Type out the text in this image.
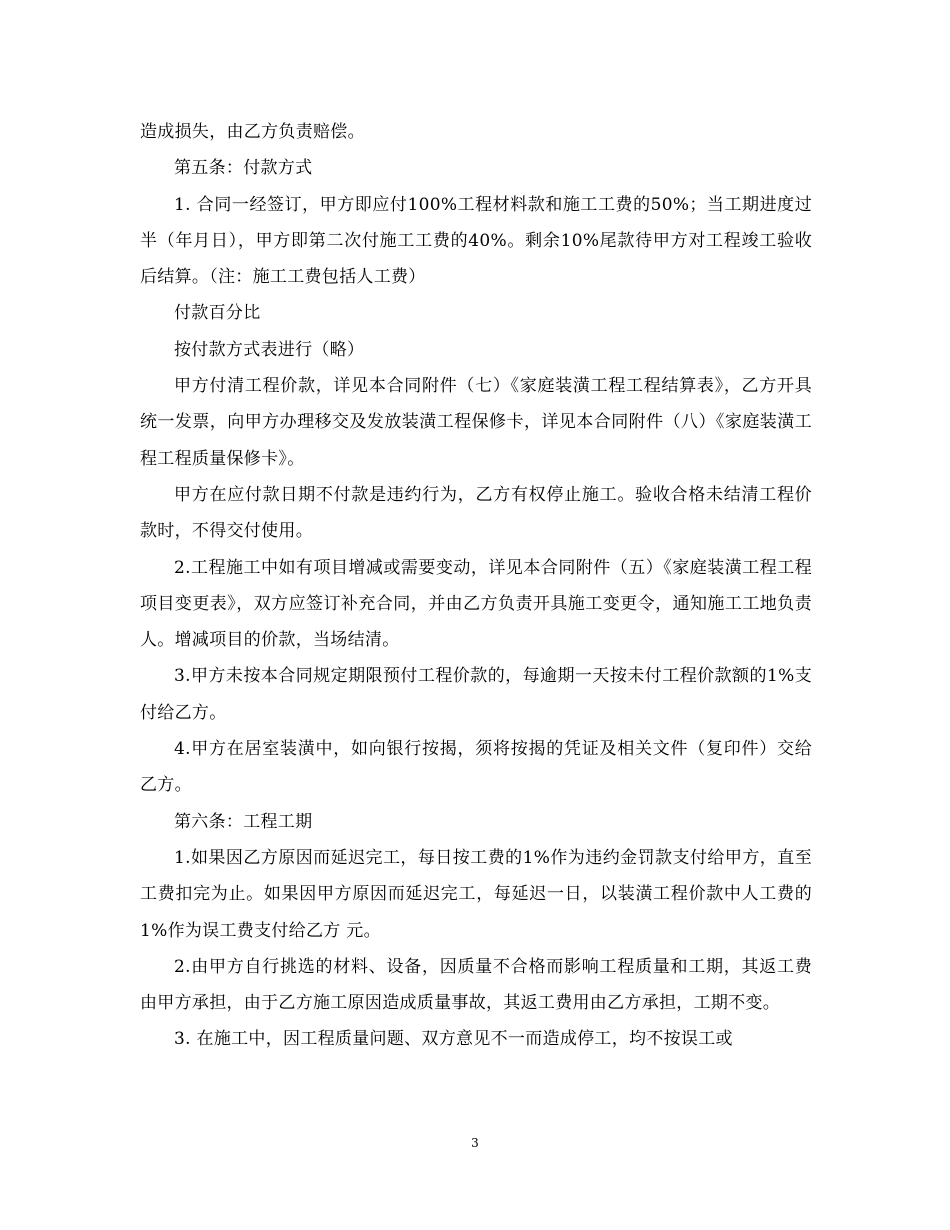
造成损失，由乙方负责赔偿。

第五条：付款方式

1. 合同一经签订，甲方即应付100%工程材料款和施工工费的50%；当工期进度过半（年月日），甲方即第二次付施工工费的40%。剩余10%尾款待甲方对工程竣工验收后结算。（注：施工工费包括人工费）

付款百分比

按付款方式表进行（略）

甲方付清工程价款，详见本合同附件（七）《家庭装潢工程工程结算表》，乙方开具统一发票，向甲方办理移交及发放装潢工程保修卡，详见本合同附件（八）《家庭装潢工程工程质量保修卡》。

甲方在应付款日期不付款是违约行为，乙方有权停止施工。验收合格未结清工程价款时，不得交付使用。

2.工程施工中如有项目增减或需要变动，详见本合同附件（五）《家庭装潢工程工程项目变更表》，双方应签订补充合同，并由乙方负责开具施工变更令，通知施工工地负责人。增减项目的价款，当场结清。

3.甲方未按本合同规定期限预付工程价款的，每逾期一天按未付工程价款额的1%支付给乙方。

4.甲方在居室装潢中，如向银行按揭，须将按揭的凭证及相关文件（复印件）交给乙方。

第六条：工程工期

1.如果因乙方原因而延迟完工，每日按工费的1%作为违约金罚款支付给甲方，直至工费扣完为止。如果因甲方原因而延迟完工，每延迟一日，以装潢工程价款中人工费的1%作为误工费支付给乙方 元。

2.由甲方自行挑选的材料、设备，因质量不合格而影响工程质量和工期，其返工费由甲方承担，由于乙方施工原因造成质量事故，其返工费用由乙方承担，工期不变。

3. 在施工中，因工程质量问题、双方意见不一而造成停工，均不按误工或

3
